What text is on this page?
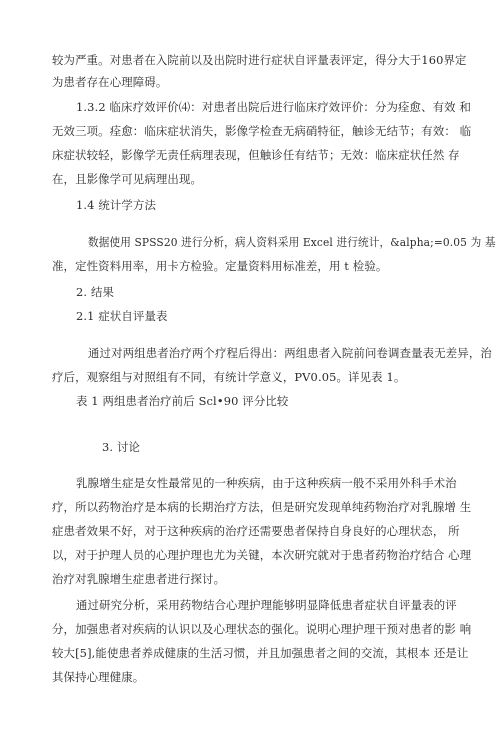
较为严重。对患者在入院前以及出院时进行症状自评量表评定，得分大于160界定
为患者存在心理障碍。
1.3.2 临床疗效评价⑷：对患者出院后进行临床疗效评价：分为痊愈、有效 和
无效三项。痊愈：临床症状消失，影像学检查无病硝特征，触诊无结节；有效： 临
床症状较轻，影像学无责任病理表现，但触诊任有结节；无效：临床症状任然 存
在，且影像学可见病理出现。
1.4 统计学方法
数据使用 SPSS20 进行分析，病人资料采用 Excel 进行统计，&alpha;=0.05 为 基
准，定性资料用率，用卡方检验。定量资料用标准差，用 t 检验。
2. 结果
2.1 症状自评量表
通过对两组患者治疗两个疗程后得出：两组患者入院前问卷调查量表无差异，治
疗后，观察组与对照组有不同，有统计学意义，PV0.05。详见表 1。
表 1 两组患者治疗前后 Scl•90 评分比较
3. 讨论
乳腺增生症是女性最常见的一种疾病，由于这种疾病一般不采用外科手术治
疗，所以药物治疗是本病的长期治疗方法，但是研究发现单纯药物治疗对乳腺增 生
症患者效果不好，对于这种疾病的治疗还需要患者保持自身良好的心理状态， 所
以，对于护理人员的心理护理也尤为关键，本次研究就对于患者药物治疗结合 心理
治疗对乳腺增生症患者进行探讨。
通过研究分析，采用药物结合心理护理能够明显降低患者症状自评量表的评
分，加强患者对疾病的认识以及心理状态的强化。说明心理护理干预对患者的影 响
较大[5],能使患者养成健康的生活习惯，并且加强患者之间的交流，其根本 还是让
其保持心理健康。
